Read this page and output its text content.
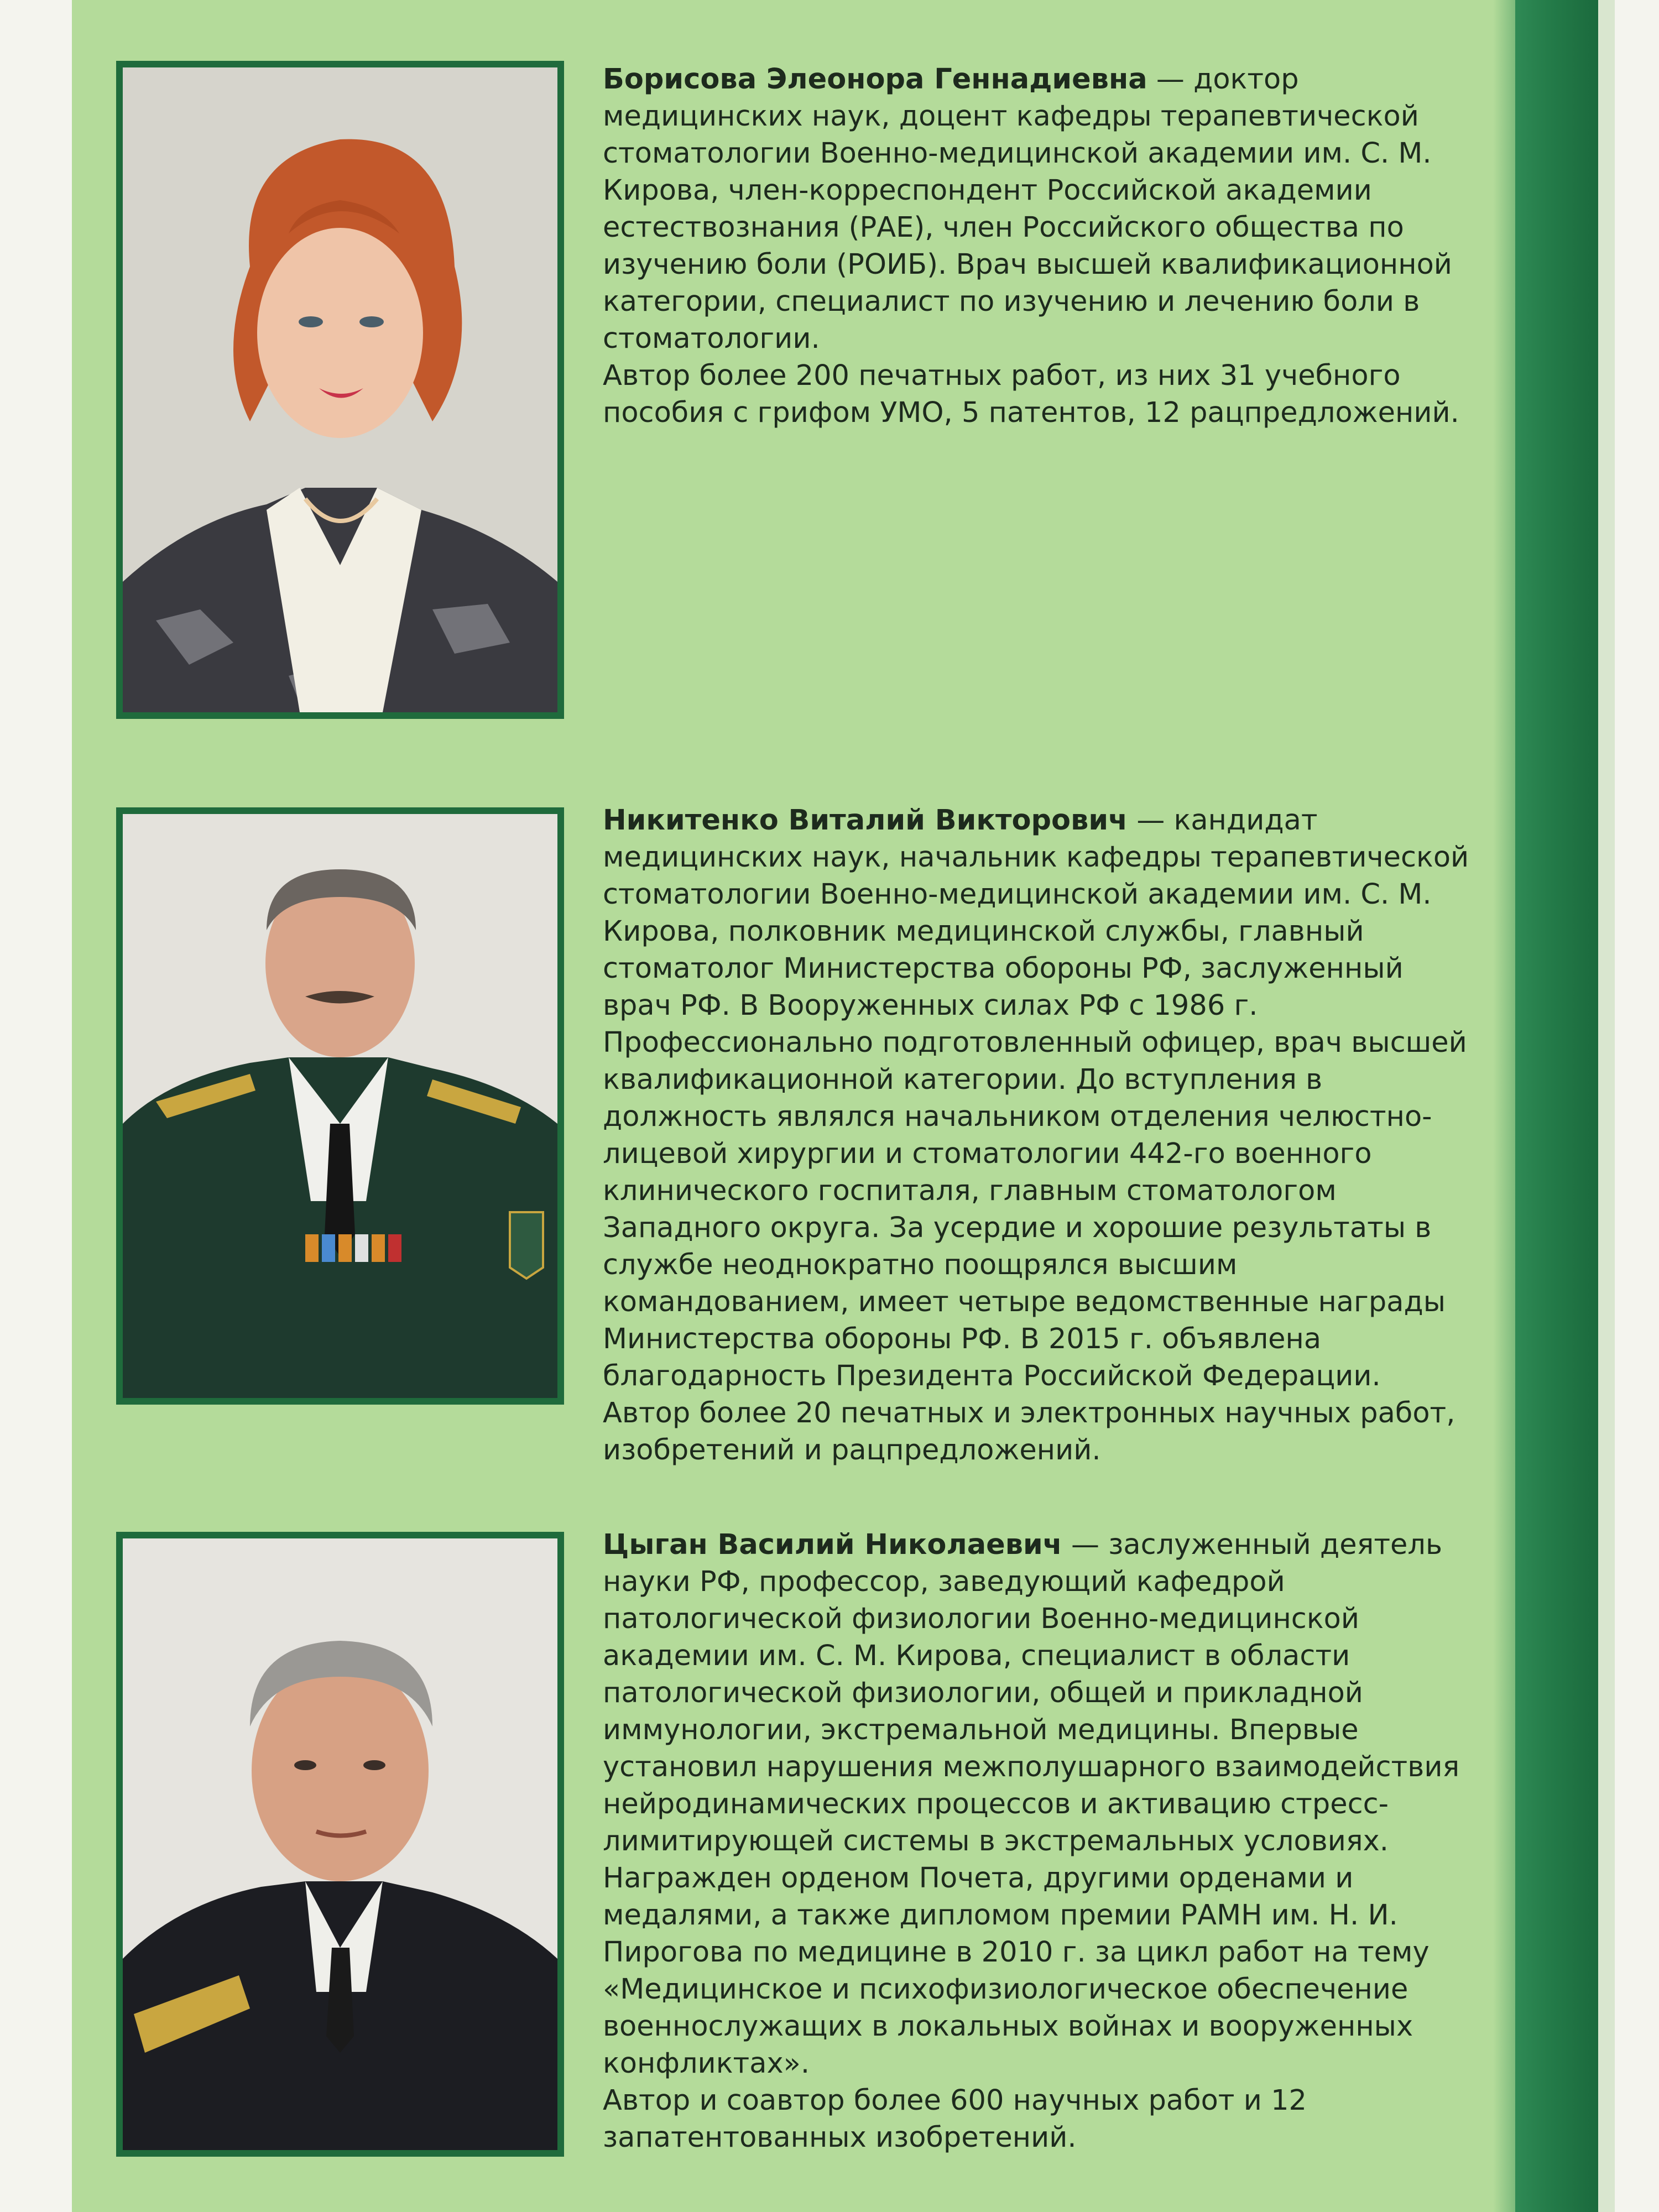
Борисова Элеонора Геннадиевна — доктор медицинских наук, доцент кафедры терапевтической стоматологии Военно-медицинской академии им. С. М. Кирова, член-корреспондент Российской академии естествознания (РАЕ), член Российского общества по изучению боли (РОИБ). Врач высшей квалификационной категории, специалист по изучению и лечению боли в стоматологии.

Автор более 200 печатных работ, из них 31 учебного пособия с грифом УМО, 5 патентов, 12 рацпредложений.

Никитенко Виталий Викторович — кандидат медицинских наук, начальник кафедры терапевтической стоматологии Военно-медицинской академии им. С. М. Кирова, полковник медицинской службы, главный стоматолог Министерства обороны РФ, заслуженный врач РФ. В Вооруженных силах РФ с 1986 г. Профессионально подготовленный офицер, врач высшей квалификационной категории. До вступления в должность являлся начальником отделения челюстно-лицевой хирургии и стоматологии 442-го военного клинического госпиталя, главным стоматологом Западного округа. За усердие и хорошие результаты в службе неоднократно поощрялся высшим командованием, имеет четыре ведомственные награды Министерства обороны РФ. В 2015 г. объявлена благодарность Президента Российской Федерации.

Автор более 20 печатных и электронных научных работ, изобретений и рацпредложений.

Цыган Василий Николаевич — заслуженный деятель науки РФ, профессор, заведующий кафедрой патологической физиологии Военно-медицинской академии им. С. М. Кирова, специалист в области патологической физиологии, общей и прикладной иммунологии, экстремальной медицины. Впервые установил нарушения межполушарного взаимодействия нейродинамических процессов и активацию стресс-лимитирующей системы в экстремальных условиях. Награжден орденом Почета, другими орденами и медалями, а также дипломом премии РАМН им. Н. И. Пирогова по медицине в 2010 г. за цикл работ на тему «Медицинское и психофизиологическое обеспечение военнослужащих в локальных войнах и вооруженных конфликтах».

Автор и соавтор более 600 научных работ и 12 запатентованных изобретений.
